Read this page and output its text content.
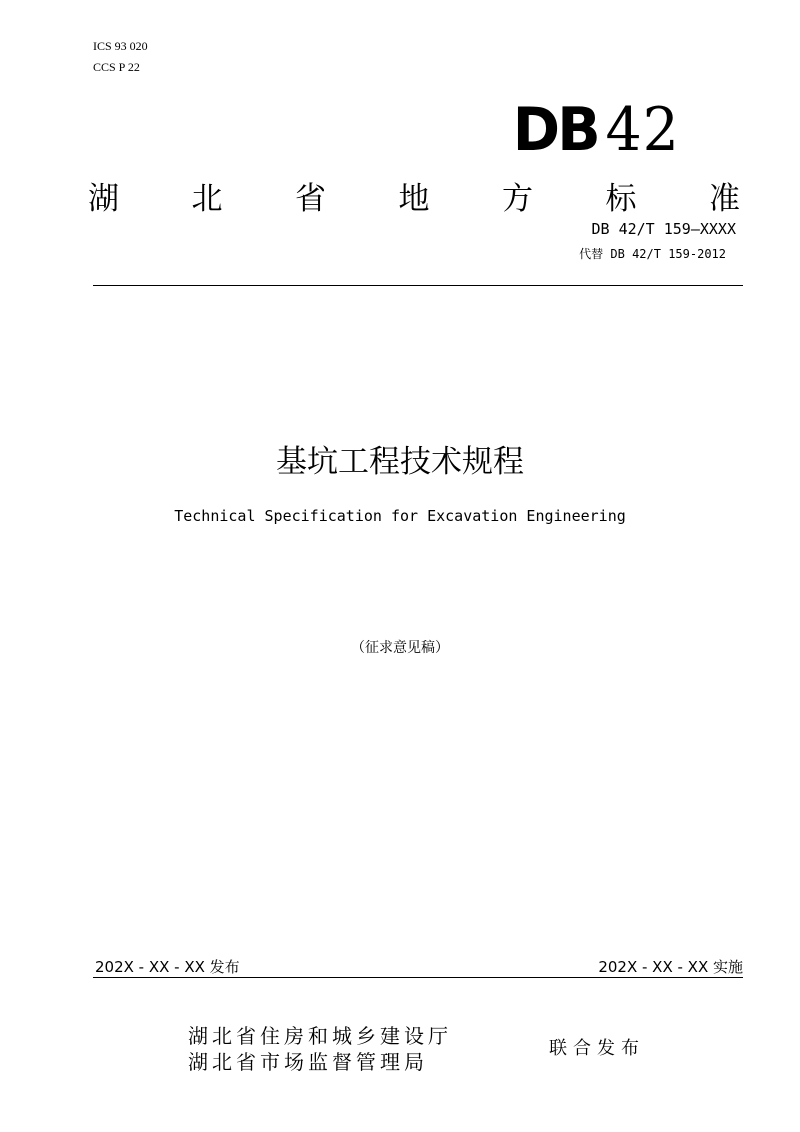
ICS 93 020
CCS P 22
DB 42
湖 北 省 地 方 标 准
DB 42/T 159—XXXX
代替 DB 42/T 159-2012
基坑工程技术规程
Technical Specification for Excavation Engineering
（征求意见稿）
202X - XX - XX 发布	202X - XX - XX 实施
湖北省住房和城乡建设厅
湖北省市场监督管理局
联合发布
